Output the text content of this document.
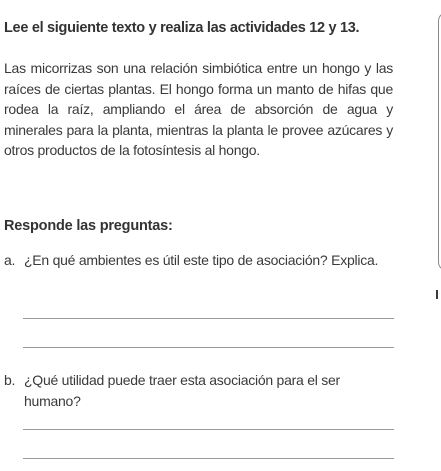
Lee el siguiente texto y realiza las actividades 12 y 13.

Las micorrizas son una relación simbiótica entre un hongo y las raíces de ciertas plantas. El hongo forma un manto de hifas que rodea la raíz, ampliando el área de absorción de agua y minerales para la planta, mientras la planta le provee azúcares y otros productos de la fotosíntesis al hongo.

Responde las preguntas:
a. ¿En qué ambientes es útil este tipo de asociación? Explica.
b. ¿Qué utilidad puede traer esta asociación para el ser humano?
